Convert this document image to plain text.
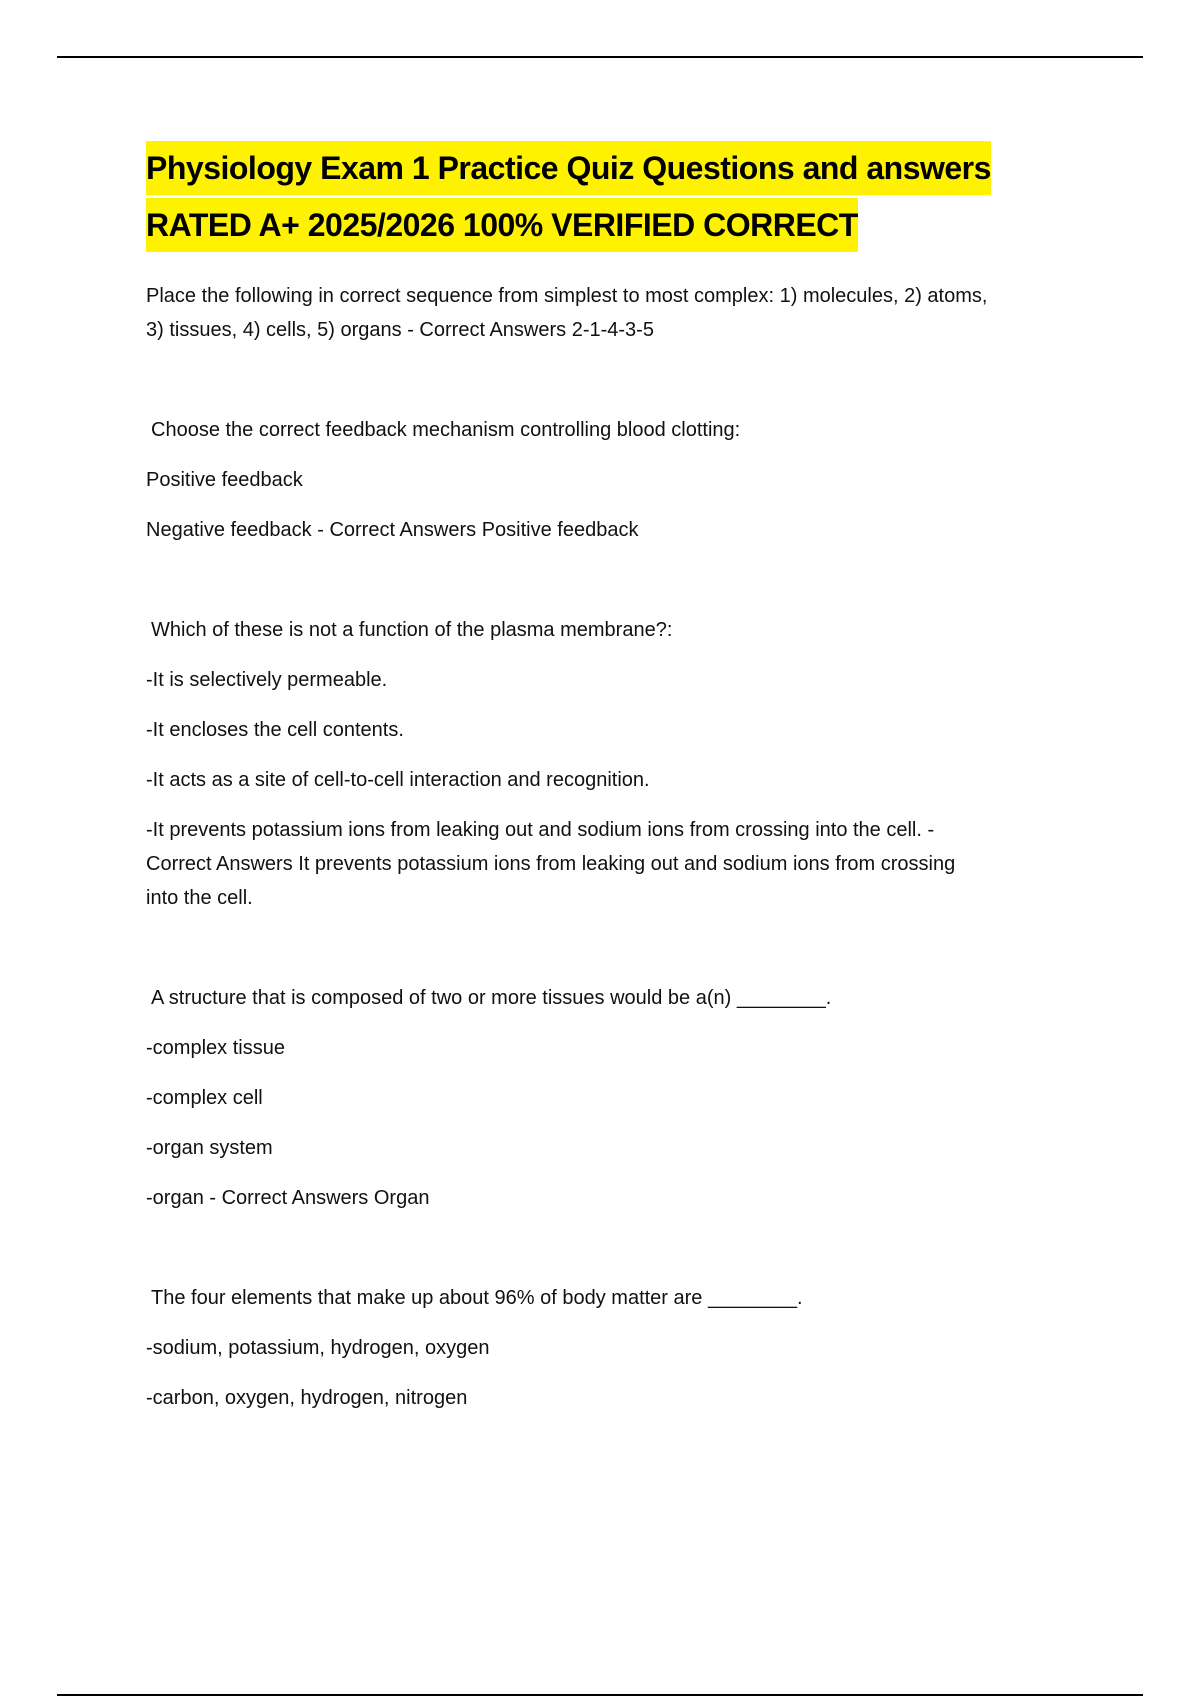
Physiology Exam 1 Practice Quiz Questions and answers
RATED A+ 2025/2026 100% VERIFIED CORRECT

Place the following in correct sequence from simplest to most complex: 1) molecules, 2) atoms,

3) tissues, 4) cells, 5) organs - Correct Answers 2-1-4-3-5

Choose the correct feedback mechanism controlling blood clotting:

Positive feedback

Negative feedback - Correct Answers Positive feedback

Which of these is not a function of the plasma membrane?:

-It is selectively permeable.

-It encloses the cell contents.

-It acts as a site of cell-to-cell interaction and recognition.

-It prevents potassium ions from leaking out and sodium ions from crossing into the cell. -

Correct Answers It prevents potassium ions from leaking out and sodium ions from crossing

into the cell.

A structure that is composed of two or more tissues would be a(n) ________.

-complex tissue

-complex cell

-organ system

-organ - Correct Answers Organ

The four elements that make up about 96% of body matter are ________.

-sodium, potassium, hydrogen, oxygen

-carbon, oxygen, hydrogen, nitrogen
